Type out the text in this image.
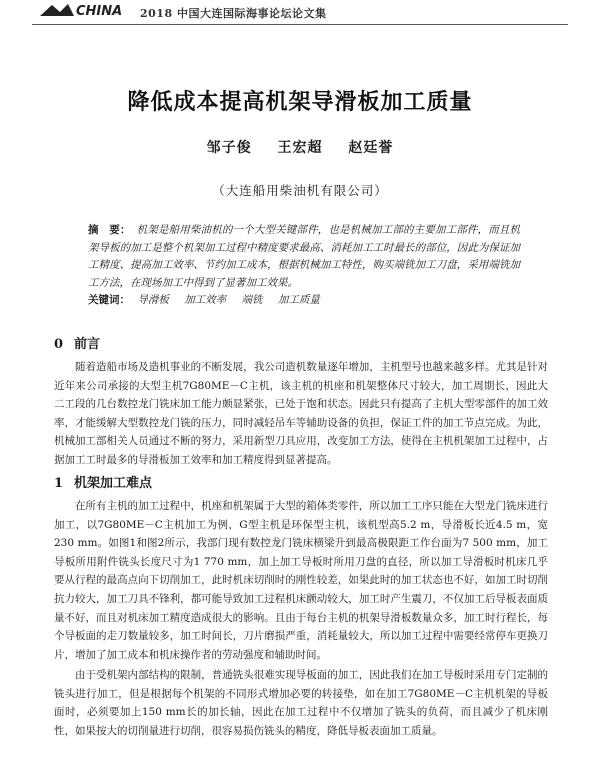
CHINA 2018 中国大连国际海事论坛论文集
降低成本提高机架导滑板加工质量
邹子俊 王宏超 赵廷誉
（大连船用柴油机有限公司）
摘　要： 机架是船用柴油机的一个大型关键部件，也是机械加工部的主要加工部件，而且机架导板的加工是整个机架加工过程中精度要求最高、消耗加工工时最长的部位，因此为保证加工精度、提高加工效率、节约加工成本，根据机械加工特性，购买端铣加工刀盘，采用端铣加工方法，在现场加工中得到了显著加工效果。
关键词： 导滑板 加工效率 端铣 加工质量
0 前言

随着造船市场及造机事业的不断发展，我公司造机数量逐年增加，主机型号也越来越多样。尤其是针对近年来公司承接的大型主机7G80ME－C主机，该主机的机座和机架整体尺寸较大，加工周期长，因此大二工段的几台数控龙门铣床加工能力颇显紧张，已处于饱和状态。因此只有提高了主机大型零部件的加工效率，才能缓解大型数控龙门铣的压力，同时减轻吊车等辅助设备的负担，保证工件的加工节点完成。为此，机械加工部相关人员通过不断的努力，采用新型刀具应用，改变加工方法，使得在主机机架加工过程中，占据加工工时最多的导滑板加工效率和加工精度得到显著提高。

1 机架加工难点

在所有主机的加工过程中，机座和机架属于大型的箱体类零件，所以加工工序只能在大型龙门铣床进行加工，以7G80ME－C主机加工为例，G型主机是环保型主机，该机型高5.2 m，导滑板长近4.5 m，宽230 mm。如图1和图2所示，我部门现有数控龙门铣床横梁升到最高极限距工作台面为7 500 mm，加工导板所用附件铣头长度尺寸为1 770 mm，加上加工导板时所用刀盘的直径，所以加工导滑板时机床几乎要从行程的最高点向下切削加工，此时机床切削时的刚性较差，如果此时的加工状态也不好，如加工时切削抗力较大，加工刀具不锋利，都可能导致加工过程机床颤动较大，加工时产生震刀，不仅加工后导板表面质量不好，而且对机床加工精度造成很大的影响。且由于每台主机的机架导滑板数量众多，加工时行程长，每个导板面的走刀数量较多，加工时间长，刀片磨损严重，消耗量较大，所以加工过程中需要经常停车更换刀片，增加了加工成本和机床操作者的劳动强度和辅助时间。

由于受机架内部结构的限制，普通铣头很难实现导板面的加工，因此我们在加工导板时采用专门定制的铣头进行加工，但是根据每个机架的不同形式增加必要的转接垫，如在加工7G80ME－C主机机架的导板面时，必须要加上150 mm长的加长轴，因此在加工过程中不仅增加了铣头的负荷，而且减少了机床刚性，如果按大的切削量进行切削，很容易损伤铣头的精度，降低导板表面加工质量。
